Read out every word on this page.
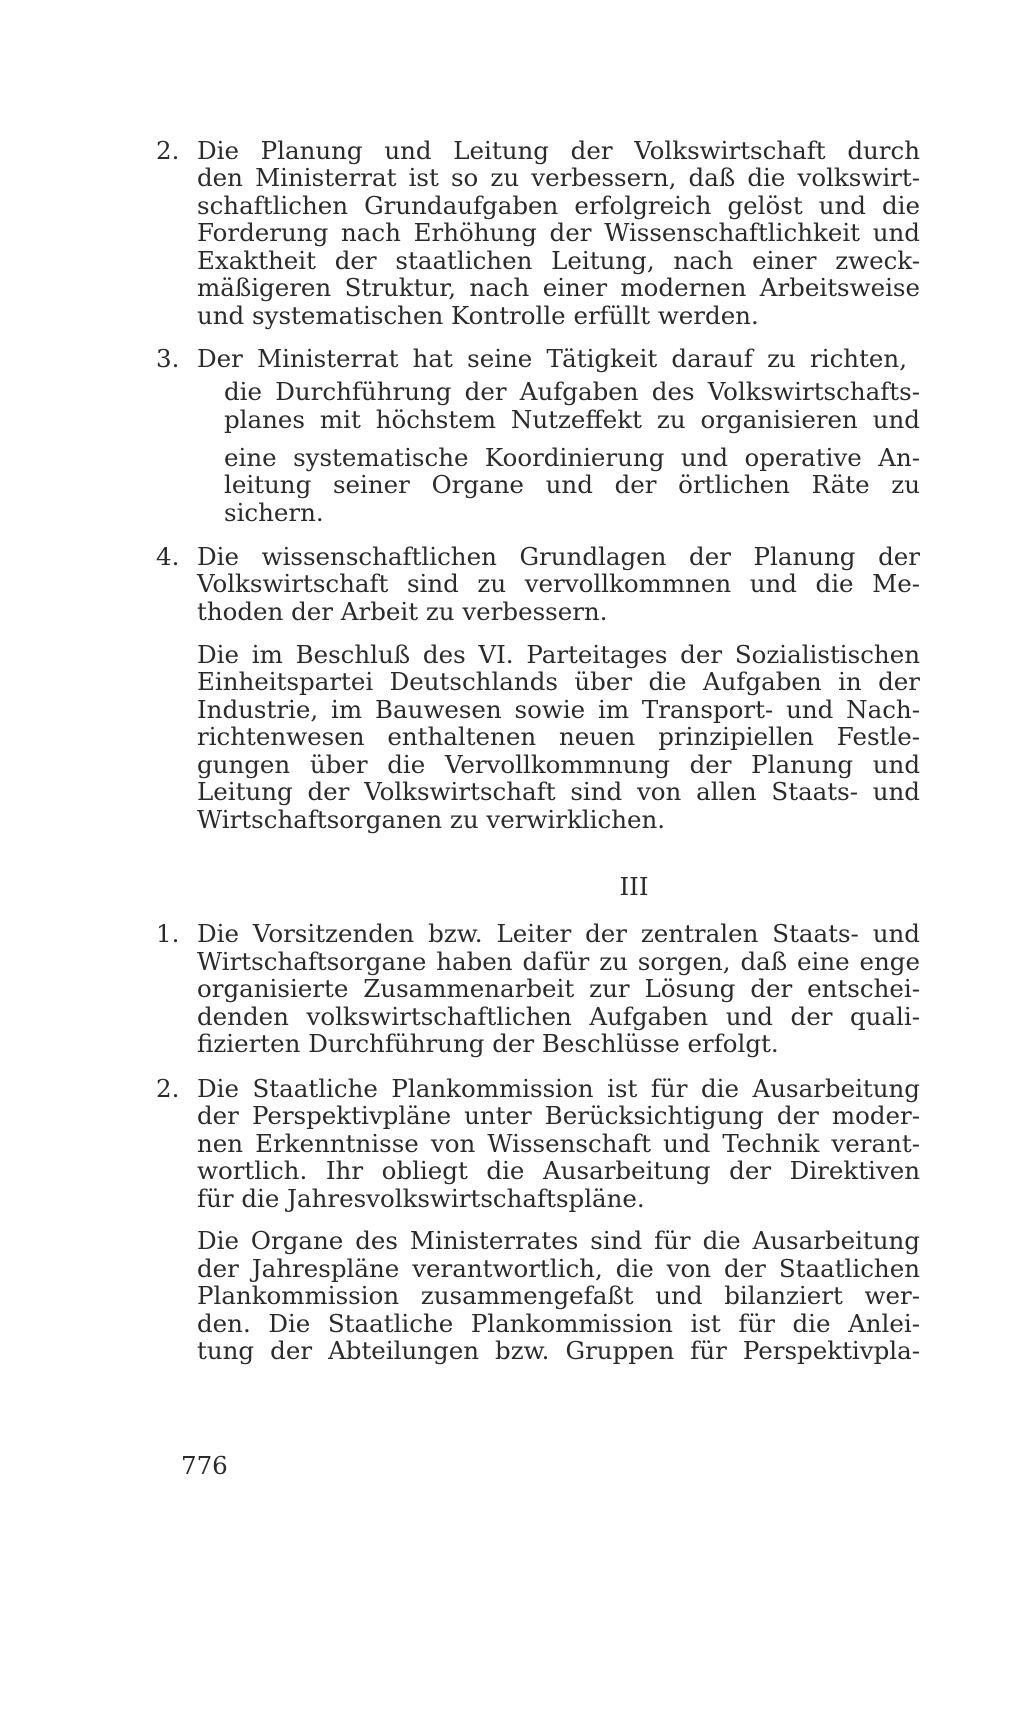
2. Die Planung und Leitung der Volkswirtschaft durch
den Ministerrat ist so zu verbessern, daß die volkswirt-
schaftlichen Grundaufgaben erfolgreich gelöst und die
Forderung nach Erhöhung der Wissenschaftlichkeit und
Exaktheit der staatlichen Leitung, nach einer zweck-
mäßigeren Struktur, nach einer modernen Arbeitsweise
und systematischen Kontrolle erfüllt werden.
3. Der Ministerrat hat seine Tätigkeit darauf zu richten,
die Durchführung der Aufgaben des Volkswirtschafts-
planes mit höchstem Nutzeffekt zu organisieren und
eine systematische Koordinierung und operative An-
leitung seiner Organe und der örtlichen Räte zu
sichern.
4. Die wissenschaftlichen Grundlagen der Planung der
Volkswirtschaft sind zu vervollkommnen und die Me-
thoden der Arbeit zu verbessern.
Die im Beschluß des VI. Parteitages der Sozialistischen
Einheitspartei Deutschlands über die Aufgaben in der
Industrie, im Bauwesen sowie im Transport- und Nach-
richtenwesen enthaltenen neuen prinzipiellen Festle-
gungen über die Vervollkommnung der Planung und
Leitung der Volkswirtschaft sind von allen Staats- und
Wirtschaftsorganen zu verwirklichen.
III
1. Die Vorsitzenden bzw. Leiter der zentralen Staats- und
Wirtschaftsorgane haben dafür zu sorgen, daß eine enge
organisierte Zusammenarbeit zur Lösung der entschei-
denden volkswirtschaftlichen Aufgaben und der quali-
fizierten Durchführung der Beschlüsse erfolgt.
2. Die Staatliche Plankommission ist für die Ausarbeitung
der Perspektivpläne unter Berücksichtigung der moder-
nen Erkenntnisse von Wissenschaft und Technik verant-
wortlich. Ihr obliegt die Ausarbeitung der Direktiven
für die Jahresvolkswirtschaftspläne.
Die Organe des Ministerrates sind für die Ausarbeitung
der Jahrespläne verantwortlich, die von der Staatlichen
Plankommission zusammengefaßt und bilanziert wer-
den. Die Staatliche Plankommission ist für die Anlei-
tung der Abteilungen bzw. Gruppen für Perspektivpla-
776
